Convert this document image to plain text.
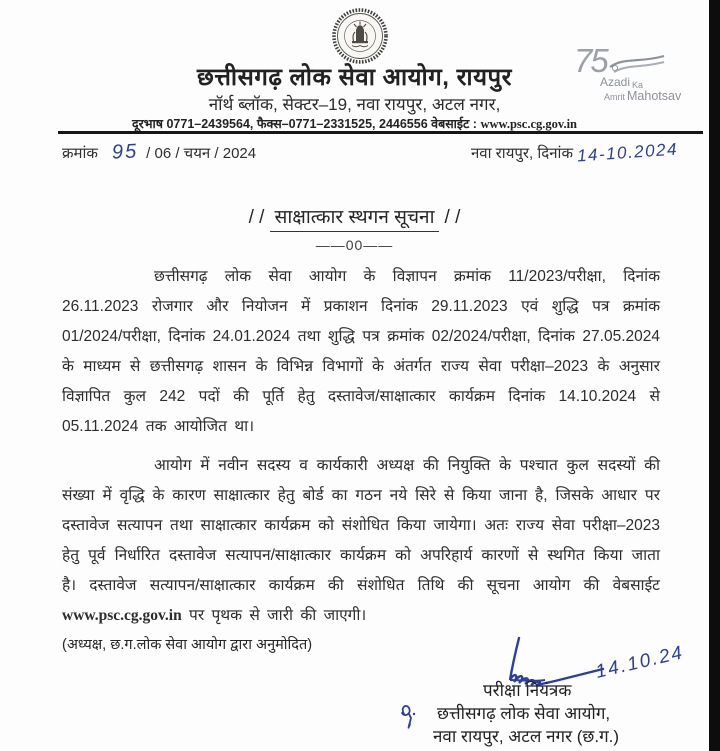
75
Azadi Ka
Amrit Mahotsav
छत्तीसगढ़ लोक सेवा आयोग, रायपुर
नॉर्थ ब्लॉक, सेक्टर–19, नवा रायपुर, अटल नगर,
दूरभाष 0771–2439564, फैक्स–0771–2331525, 2446556 वेबसाईट : www.psc.cg.gov.in
क्रमांक 95 / 06 / चयन / 2024	नवा रायपुर, दिनांक 14-10.2024
/ / साक्षात्कार स्थगन सूचना / /
——00——

छत्तीसगढ़ लोक सेवा आयोग के विज्ञापन क्रमांक 11/2023/परीक्षा, दिनांक 26.11.2023 रोजगार और नियोजन में प्रकाशन दिनांक 29.11.2023 एवं शुद्धि पत्र क्रमांक 01/2024/परीक्षा, दिनांक 24.01.2024 तथा शुद्धि पत्र क्रमांक 02/2024/परीक्षा, दिनांक 27.05.2024 के माध्यम से छत्तीसगढ़ शासन के विभिन्न विभागों के अंतर्गत राज्य सेवा परीक्षा–2023 के अनुसार विज्ञापित कुल 242 पदों की पूर्ति हेतु दस्तावेज/साक्षात्कार कार्यक्रम दिनांक 14.10.2024 से 05.11.2024 तक आयोजित था।

आयोग में नवीन सदस्य व कार्यकारी अध्यक्ष की नियुक्ति के पश्चात कुल सदस्यों की संख्या में वृद्धि के कारण साक्षात्कार हेतु बोर्ड का गठन नये सिरे से किया जाना है, जिसके आधार पर दस्तावेज सत्यापन तथा साक्षात्कार कार्यक्रम को संशोधित किया जायेगा। अतः राज्य सेवा परीक्षा–2023 हेतु पूर्व निर्धारित दस्तावेज सत्यापन/साक्षात्कार कार्यक्रम को अपरिहार्य कारणों से स्थगित किया जाता है। दस्तावेज सत्यापन/साक्षात्कार कार्यक्रम की संशोधित तिथि की सूचना आयोग की वेबसाईट www.psc.cg.gov.in पर पृथक से जारी की जाएगी।

(अध्यक्ष, छ.ग.लोक सेवा आयोग द्वारा अनुमोदित)	14.10.24
परीक्षा नियंत्रक
छत्तीसगढ़ लोक सेवा आयोग,
नवा रायपुर, अटल नगर (छ.ग.)
